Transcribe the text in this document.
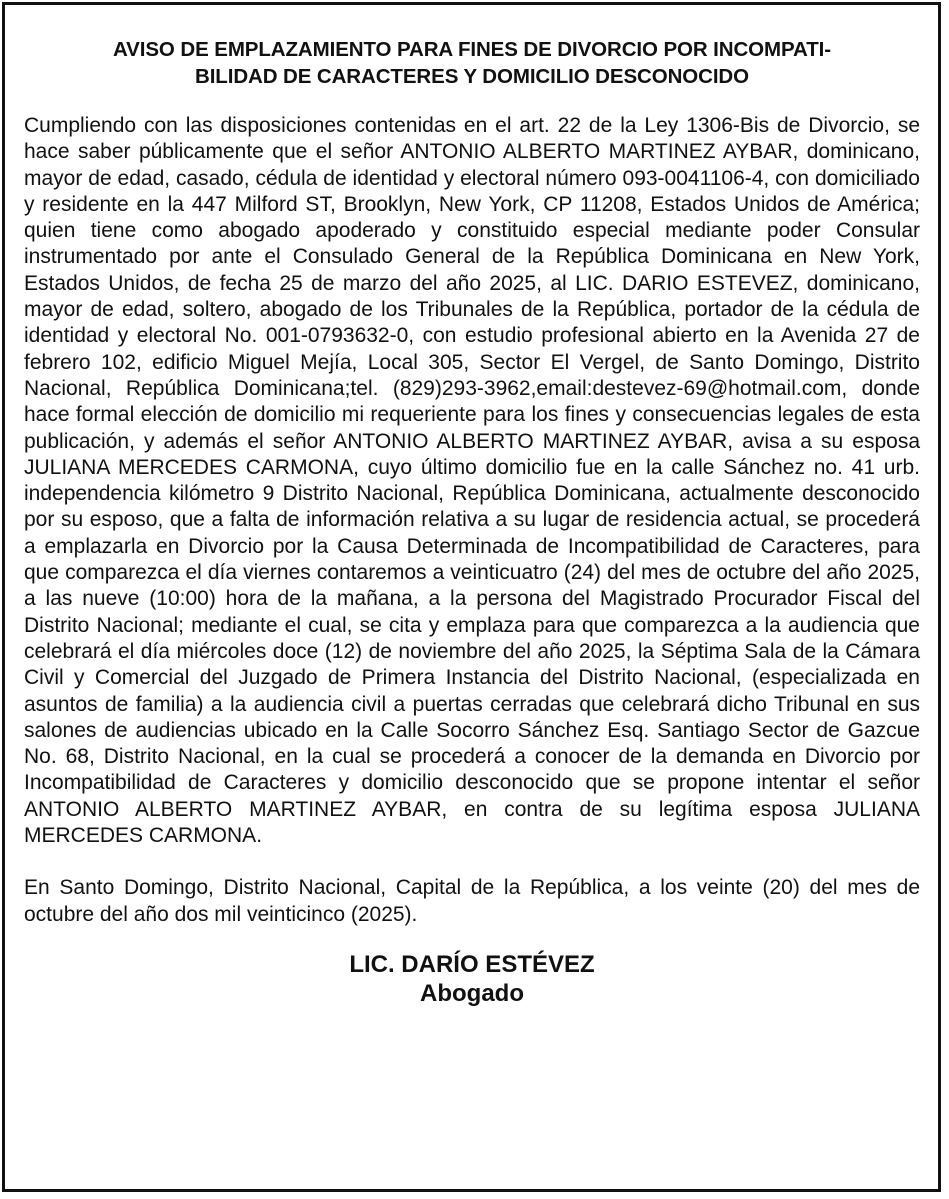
AVISO DE EMPLAZAMIENTO PARA FINES DE DIVORCIO POR INCOMPATI-
BILIDAD DE CARACTERES Y DOMICILIO DESCONOCIDO

Cumpliendo con las disposiciones contenidas en el art. 22 de la Ley 1306-Bis de Divorcio, se hace saber públicamente que el señor ANTONIO ALBERTO MARTINEZ AYBAR, dominicano, mayor de edad, casado, cédula de identidad y electoral número 093-0041106-4, con domiciliado y residente en la 447 Milford ST, Brooklyn, New York, CP 11208, Estados Unidos de América; quien tiene como abogado apoderado y constituido especial mediante poder Consular instrumentado por ante el Consulado General de la República Dominicana en New York, Estados Unidos, de fecha 25 de marzo del año 2025, al LIC. DARIO ESTEVEZ, dominicano, mayor de edad, soltero, abogado de los Tribunales de la República, portador de la cédula de identidad y electoral No. 001-0793632-0, con estudio profesional abierto en la Avenida 27 de febrero 102, edificio Miguel Mejía, Local 305, Sector El Vergel, de Santo Domingo, Distrito Nacional, República Dominicana;tel. (829)293-3962,email:destevez-69@hotmail.com, donde hace formal elección de domicilio mi requeriente para los fines y consecuencias legales de esta publicación, y además el señor ANTONIO ALBERTO MARTINEZ AYBAR, avisa a su esposa JULIANA MERCEDES CARMONA, cuyo último domicilio fue en la calle Sánchez no. 41 urb. independencia kilómetro 9 Distrito Nacional, República Dominicana, actualmente desconocido por su esposo, que a falta de información relativa a su lugar de residencia actual, se procederá a emplazarla en Divorcio por la Causa Determinada de Incompatibilidad de Caracteres, para que comparezca el día viernes contaremos a veinticuatro (24) del mes de octubre del año 2025, a las nueve (10:00) hora de la mañana, a la persona del Magistrado Procurador Fiscal del Distrito Nacional; mediante el cual, se cita y emplaza para que comparezca a la audiencia que celebrará el día miércoles doce (12) de noviembre del año 2025, la Séptima Sala de la Cámara Civil y Comercial del Juzgado de Primera Instancia del Distrito Nacional, (especializada en asuntos de familia) a la audiencia civil a puertas cerradas que celebrará dicho Tribunal en sus salones de audiencias ubicado en la Calle Socorro Sánchez Esq. Santiago Sector de Gazcue No. 68, Distrito Nacional, en la cual se procederá a conocer de la demanda en Divorcio por Incompatibilidad de Caracteres y domicilio desconocido que se propone intentar el señor ANTONIO ALBERTO MARTINEZ AYBAR, en contra de su legítima esposa JULIANA MERCEDES CARMONA.

En Santo Domingo, Distrito Nacional, Capital de la República, a los veinte (20) del mes de octubre del año dos mil veinticinco (2025).

LIC. DARÍO ESTÉVEZ
Abogado
